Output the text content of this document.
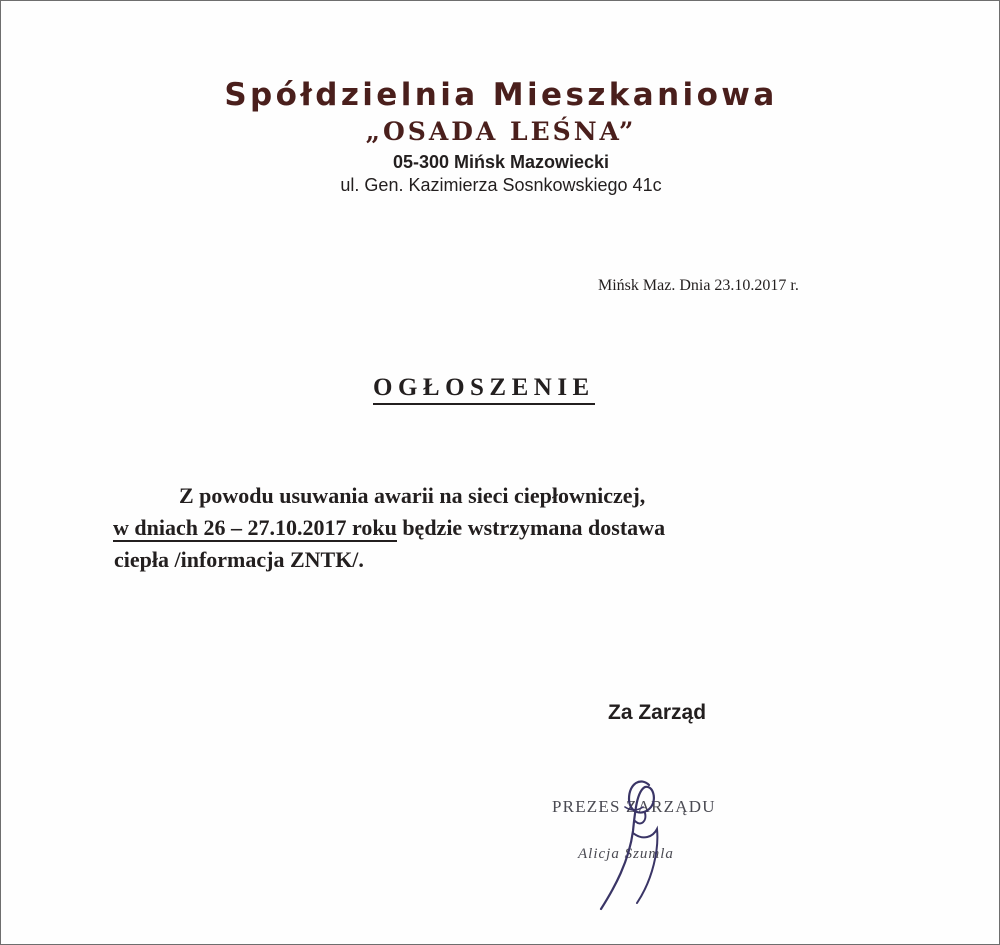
Spółdzielnia Mieszkaniowa
„OSADA LEŚNA”
05-300 Mińsk Mazowiecki
ul. Gen. Kazimierza Sosnkowskiego 41c
Mińsk Maz. Dnia 23.10.2017 r.
OGŁOSZENIE
Z powodu usuwania awarii na sieci ciepłowniczej,
w dniach 26 – 27.10.2017 roku będzie wstrzymana dostawa
ciepła /informacja ZNTK/.
Za Zarząd
PREZES ZARZĄDU
Alicja Szumla
